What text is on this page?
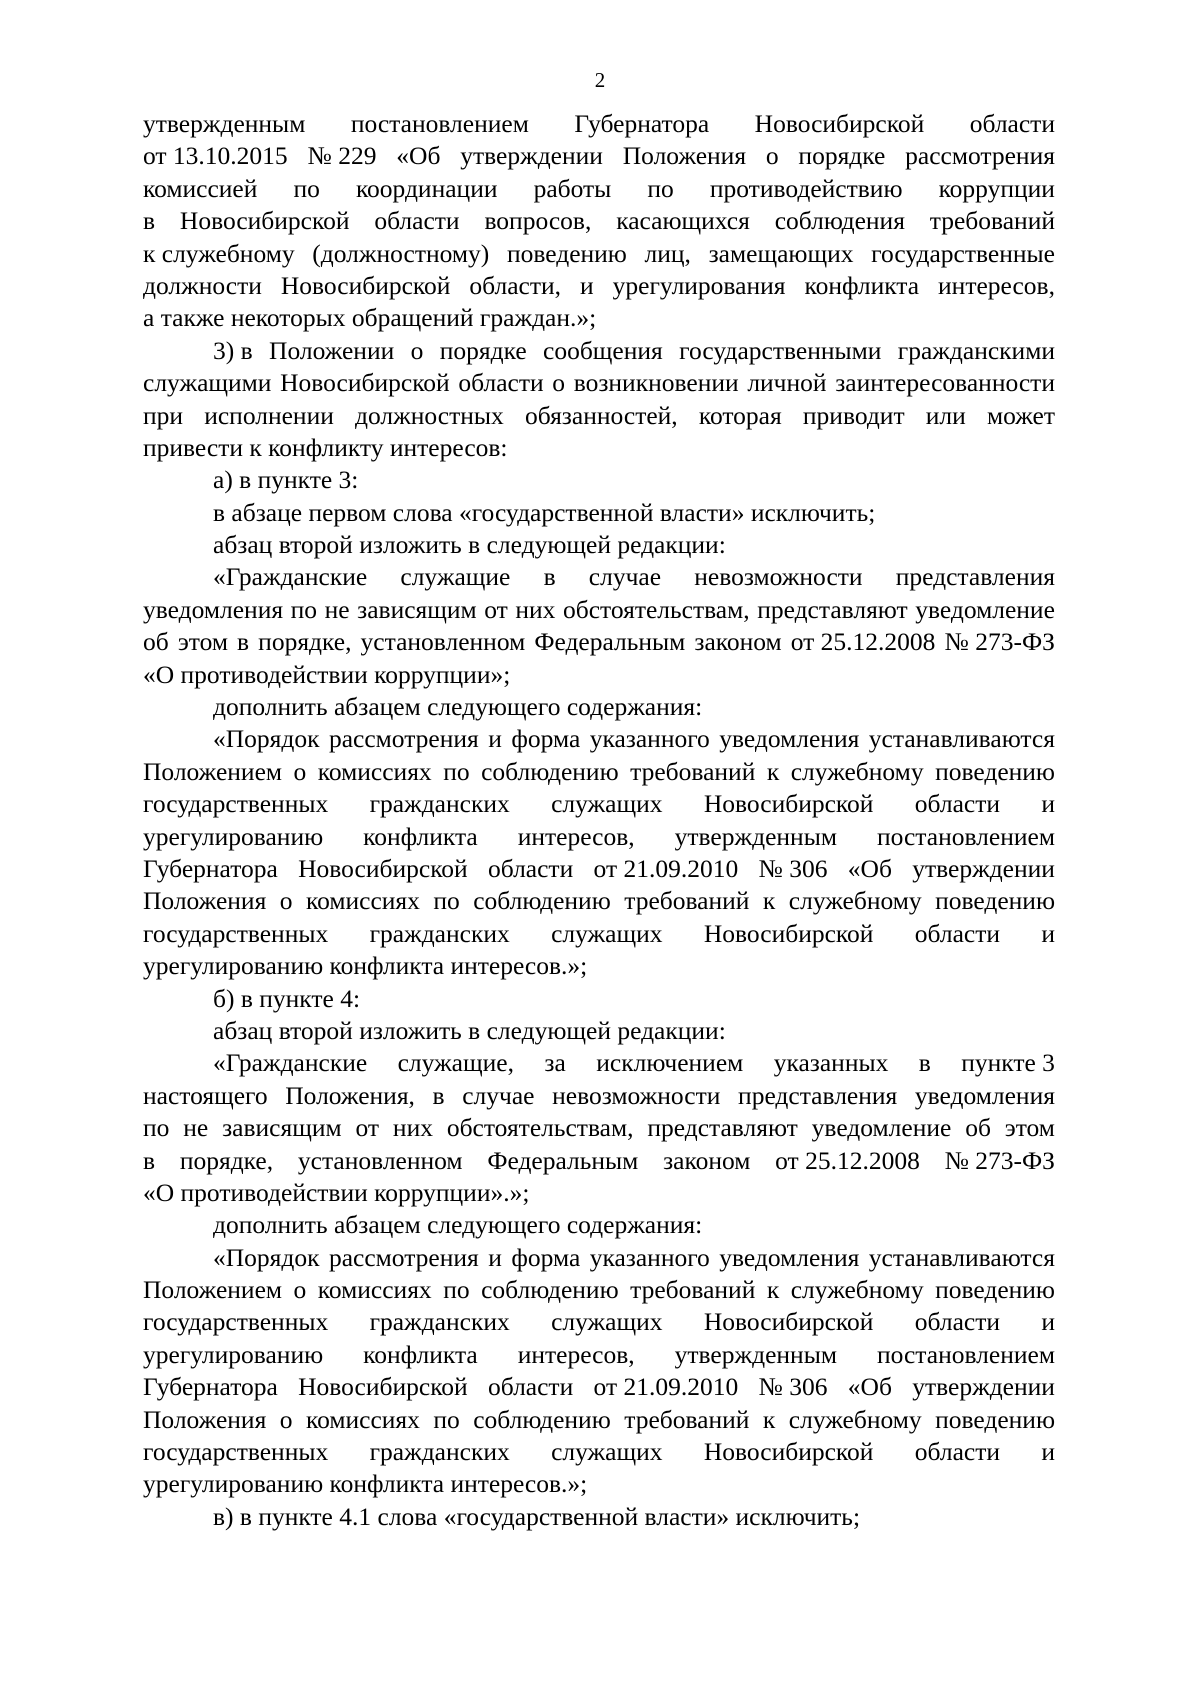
2
утвержденным постановлением Губернатора Новосибирской области
от 13.10.2015 № 229 «Об утверждении Положения о порядке рассмотрения
комиссией по координации работы по противодействию коррупции
в Новосибирской области вопросов, касающихся соблюдения требований
к служебному (должностному) поведению лиц, замещающих государственные
должности Новосибирской области, и урегулирования конфликта интересов,
а также некоторых обращений граждан.»;
3) в Положении о порядке сообщения государственными гражданскими
служащими Новосибирской области о возникновении личной заинтересованности
при исполнении должностных обязанностей, которая приводит или может
привести к конфликту интересов:
а) в пункте 3:
в абзаце первом слова «государственной власти» исключить;
абзац второй изложить в следующей редакции:
«Гражданские служащие в случае невозможности представления
уведомления по не зависящим от них обстоятельствам, представляют уведомление
об этом в порядке, установленном Федеральным законом от 25.12.2008 № 273-ФЗ
«О противодействии коррупции»;
дополнить абзацем следующего содержания:
«Порядок рассмотрения и форма указанного уведомления устанавливаются
Положением о комиссиях по соблюдению требований к служебному поведению
государственных гражданских служащих Новосибирской области и
урегулированию конфликта интересов, утвержденным постановлением
Губернатора Новосибирской области от 21.09.2010 № 306 «Об утверждении
Положения о комиссиях по соблюдению требований к служебному поведению
государственных гражданских служащих Новосибирской области и
урегулированию конфликта интересов.»;
б) в пункте 4:
абзац второй изложить в следующей редакции:
«Гражданские служащие, за исключением указанных в пункте 3
настоящего Положения, в случае невозможности представления уведомления
по не зависящим от них обстоятельствам, представляют уведомление об этом
в порядке, установленном Федеральным законом от 25.12.2008 № 273-ФЗ
«О противодействии коррупции».»;
дополнить абзацем следующего содержания:
«Порядок рассмотрения и форма указанного уведомления устанавливаются
Положением о комиссиях по соблюдению требований к служебному поведению
государственных гражданских служащих Новосибирской области и
урегулированию конфликта интересов, утвержденным постановлением
Губернатора Новосибирской области от 21.09.2010 № 306 «Об утверждении
Положения о комиссиях по соблюдению требований к служебному поведению
государственных гражданских служащих Новосибирской области и
урегулированию конфликта интересов.»;
в) в пункте 4.1 слова «государственной власти» исключить;
